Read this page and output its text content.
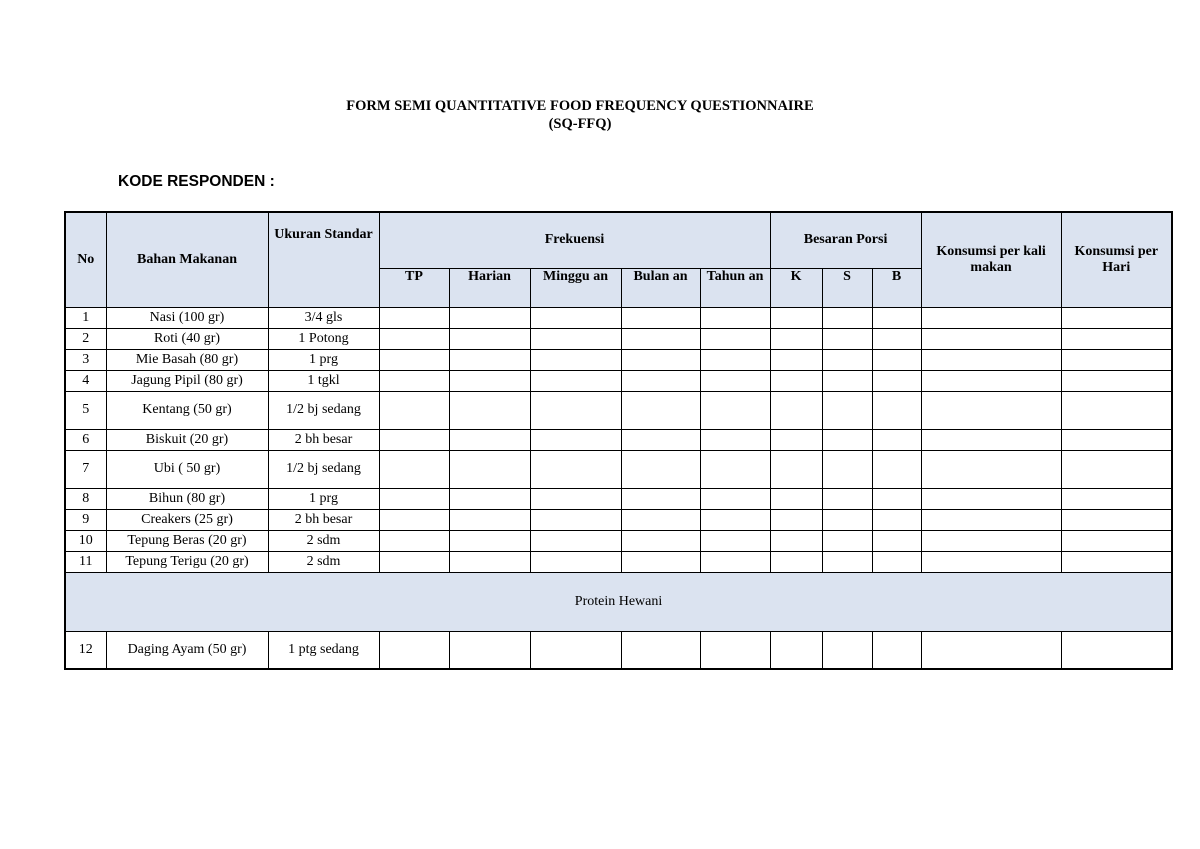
FORM SEMI QUANTITATIVE FOOD FREQUENCY QUESTIONNAIRE
(SQ-FFQ)
KODE RESPONDEN :
No	Bahan Makanan	Ukuran Standar	Frekuensi					Besaran Porsi			Konsumsi per kali makan	Konsumsi per Hari
			TP	Harian	Minggu an	Bulan an	Tahun an	K	S	B		
1	Nasi (100 gr)	3/4 gls										
2	Roti (40 gr)	1 Potong										
3	Mie Basah (80 gr)	1 prg										
4	Jagung Pipil (80 gr)	1 tgkl										
5	Kentang (50 gr)	1/2 bj sedang										
6	Biskuit (20 gr)	2 bh besar										
7	Ubi ( 50 gr)	1/2 bj sedang										
8	Bihun (80 gr)	1 prg										
9	Creakers (25 gr)	2 bh besar										
10	Tepung Beras (20 gr)	2 sdm										
11	Tepung Terigu (20 gr)	2 sdm										
Protein Hewani												
12	Daging Ayam (50 gr)	1 ptg sedang										
